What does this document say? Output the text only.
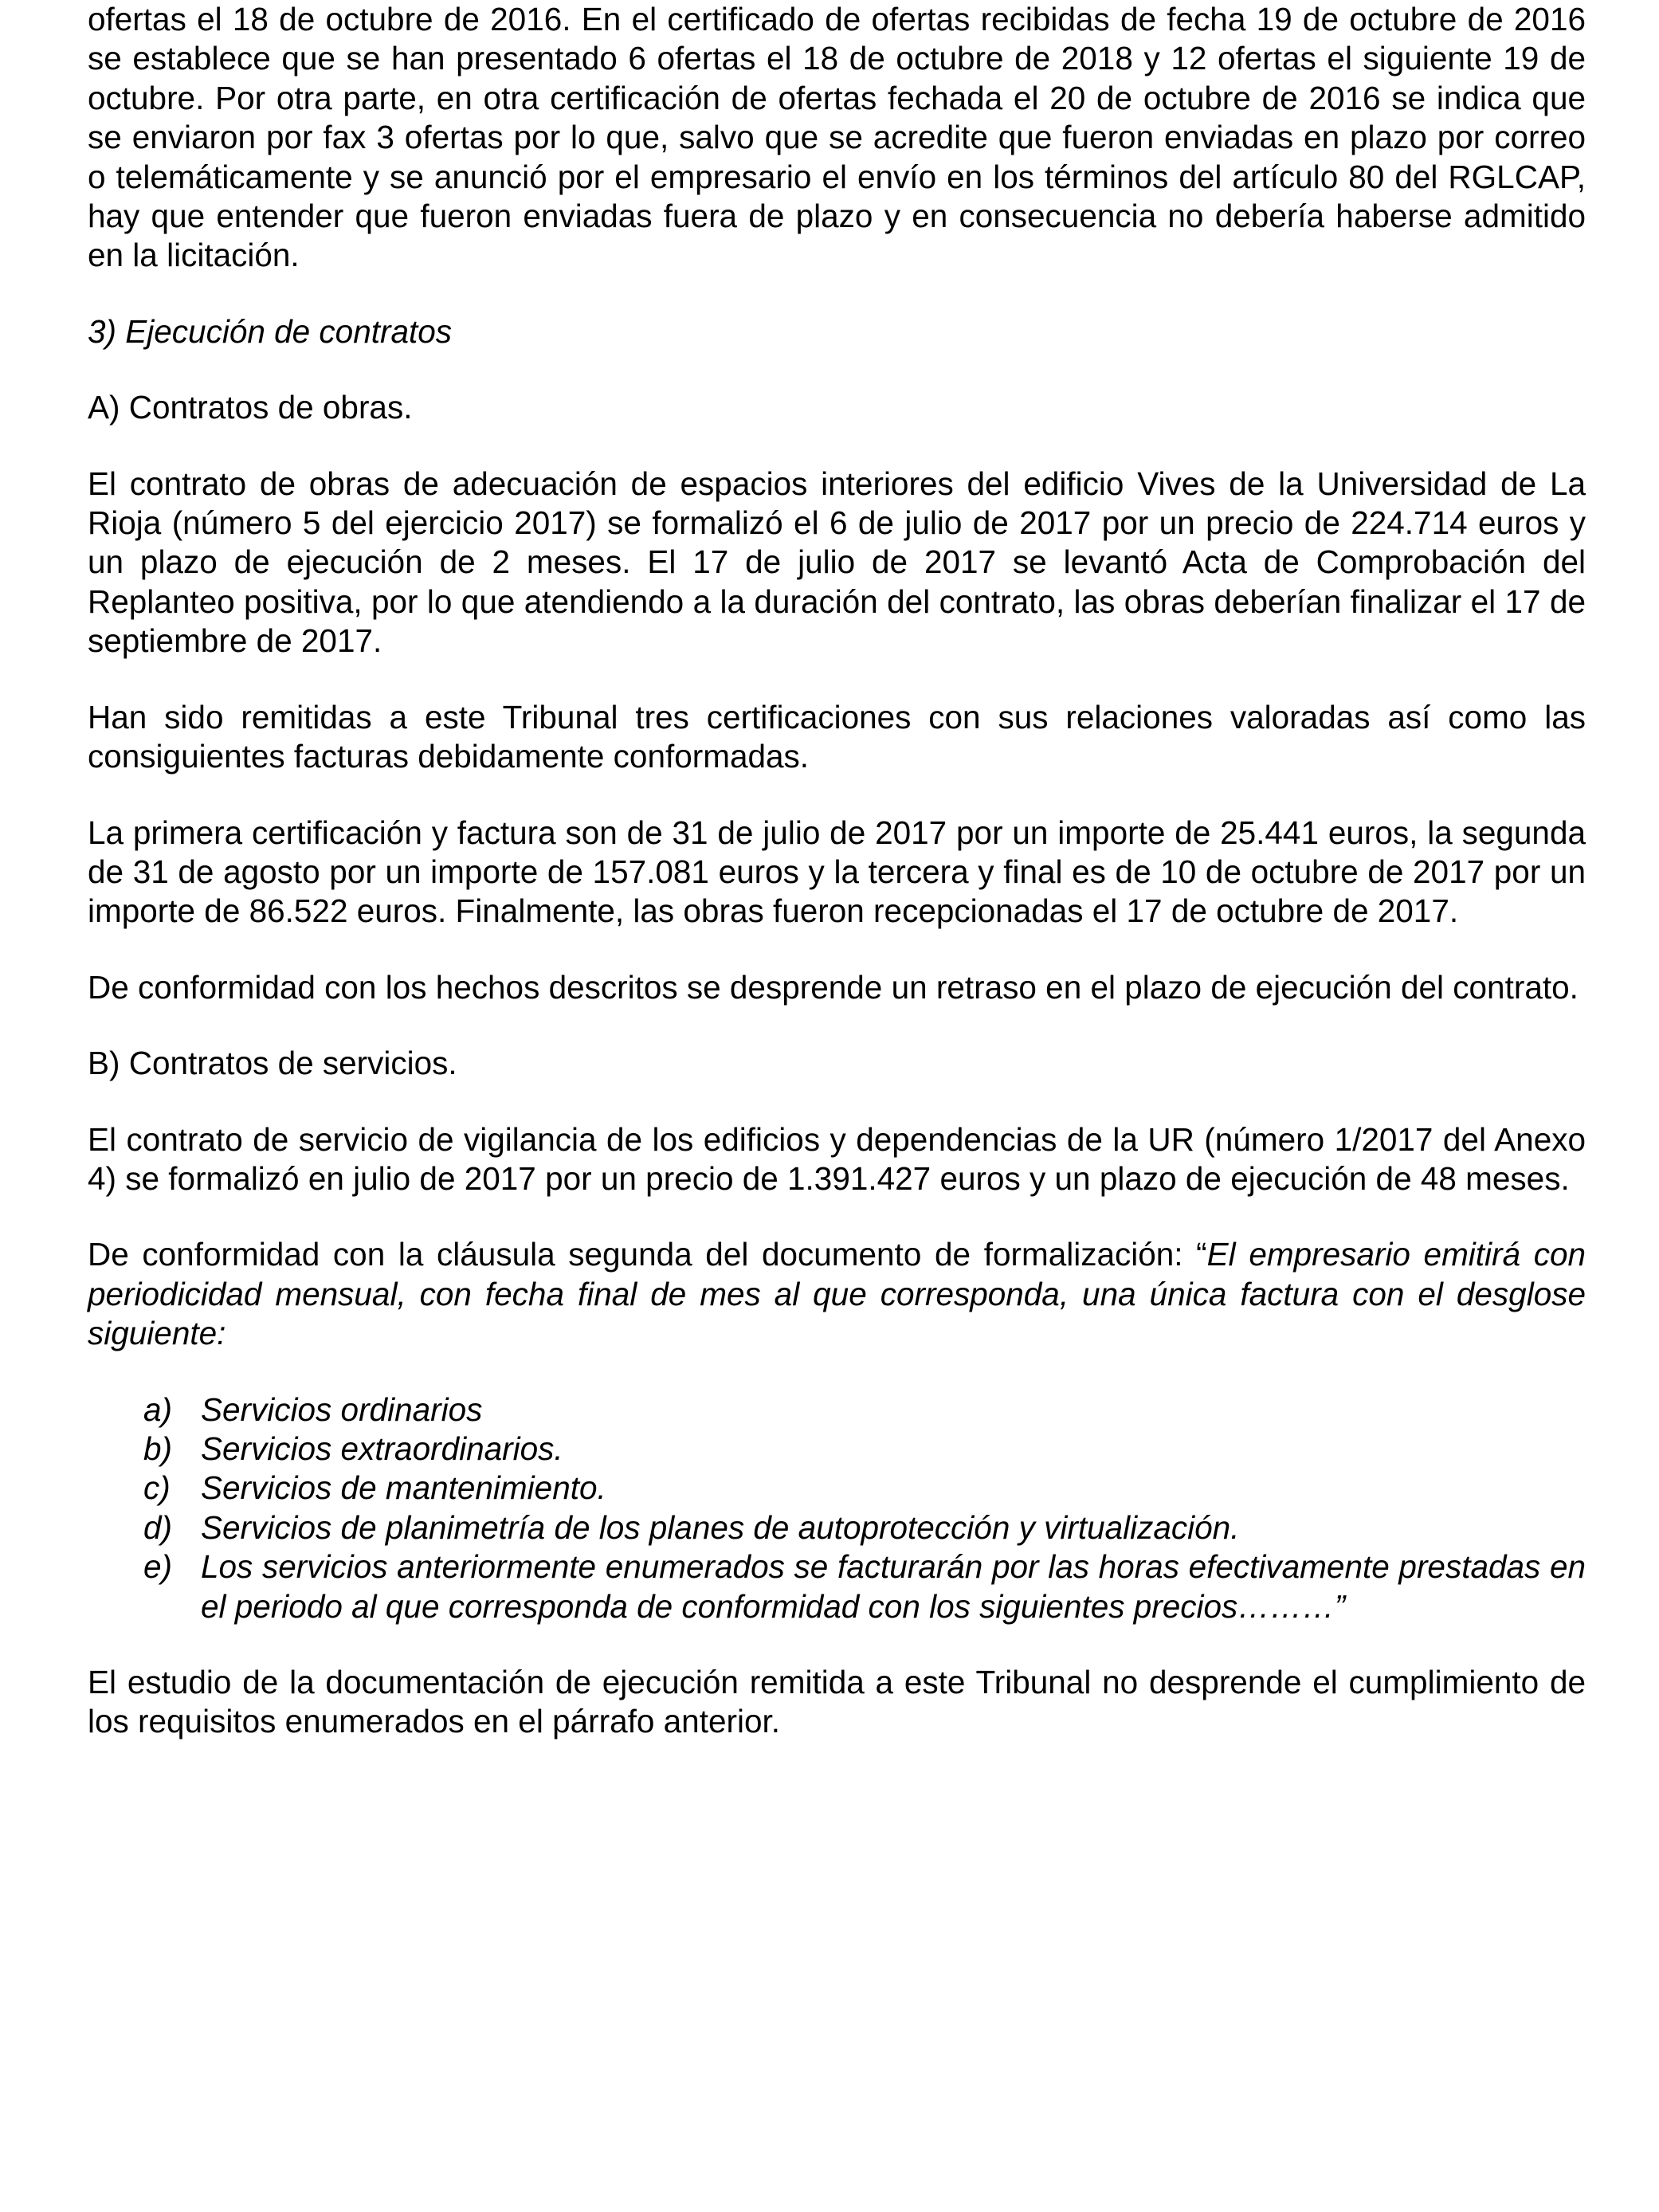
ofertas el 18 de octubre de 2016. En el certificado de ofertas recibidas de fecha 19 de octubre de 2016 se establece que se han presentado 6 ofertas el 18 de octubre de 2018 y 12 ofertas el siguiente 19 de octubre. Por otra parte, en otra certificación de ofertas fechada el 20 de octubre de 2016 se indica que se enviaron por fax 3 ofertas por lo que, salvo que se acredite que fueron enviadas en plazo por correo o telemáticamente y se anunció por el empresario el envío en los términos del artículo 80 del RGLCAP, hay que entender que fueron enviadas fuera de plazo y en consecuencia no debería haberse admitido en la licitación.

3) Ejecución de contratos

A) Contratos de obras.

El contrato de obras de adecuación de espacios interiores del edificio Vives de la Universidad de La Rioja (número 5 del ejercicio 2017) se formalizó el 6 de julio de 2017 por un precio de 224.714 euros y un plazo de ejecución de 2 meses. El 17 de julio de 2017 se levantó Acta de Comprobación del Replanteo positiva, por lo que atendiendo a la duración del contrato, las obras deberían finalizar el 17 de septiembre de 2017.

Han sido remitidas a este Tribunal tres certificaciones con sus relaciones valoradas así como las consiguientes facturas debidamente conformadas.

La primera certificación y factura son de 31 de julio de 2017 por un importe de 25.441 euros, la segunda de 31 de agosto por un importe de 157.081 euros y la tercera y final es de 10 de octubre de 2017 por un importe de 86.522 euros. Finalmente, las obras fueron recepcionadas el 17 de octubre de 2017.

De conformidad con los hechos descritos se desprende un retraso en el plazo de ejecución del contrato.

B) Contratos de servicios.

El contrato de servicio de vigilancia de los edificios y dependencias de la UR (número 1/2017 del Anexo 4) se formalizó en julio de 2017 por un precio de 1.391.427 euros y un plazo de ejecución de 48 meses.

De conformidad con la cláusula segunda del documento de formalización: “El empresario emitirá con periodicidad mensual, con fecha final de mes al que corresponda, una única factura con el desglose siguiente:

a) Servicios ordinarios
b) Servicios extraordinarios.
c) Servicios de mantenimiento.
d) Servicios de planimetría de los planes de autoprotección y virtualización.
e) Los servicios anteriormente enumerados se facturarán por las horas efectivamente prestadas en el periodo al que corresponda de conformidad con los siguientes precios………”

El estudio de la documentación de ejecución remitida a este Tribunal no desprende el cumplimiento de los requisitos enumerados en el párrafo anterior.
